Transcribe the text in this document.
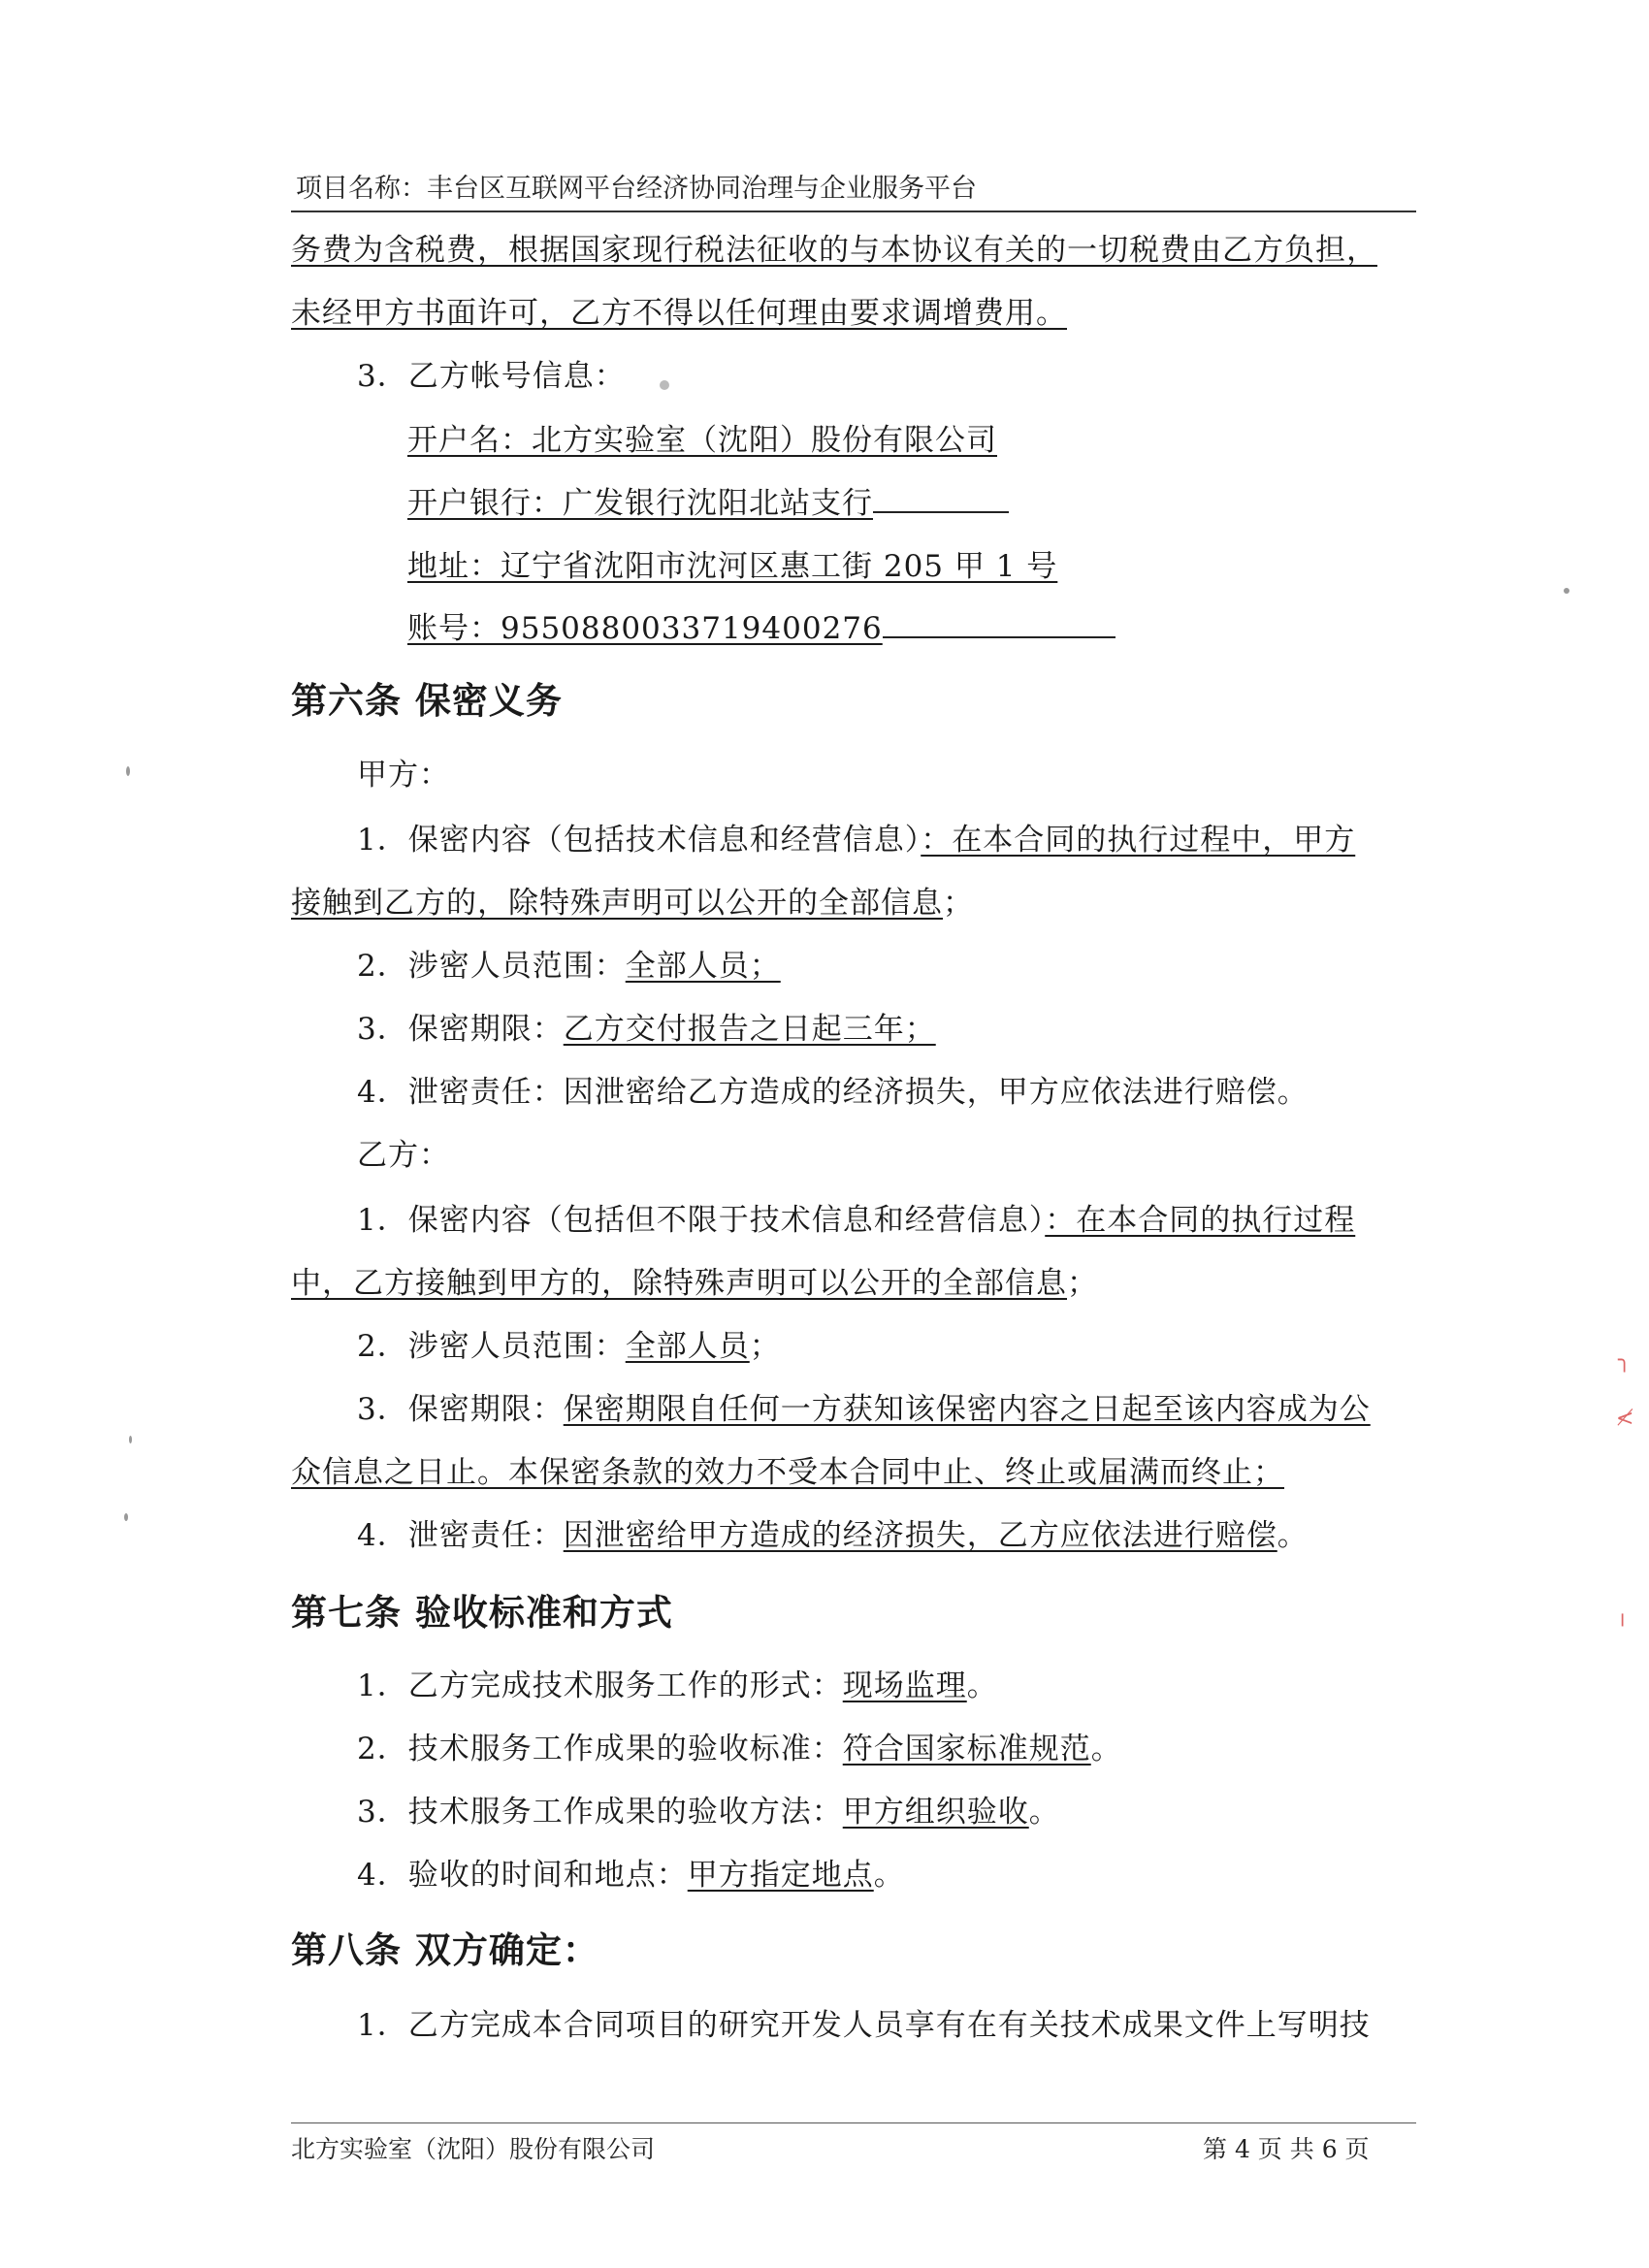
项目名称：丰台区互联网平台经济协同治理与企业服务平台
务费为含税费，根据国家现行税法征收的与本协议有关的一切税费由乙方负担，
未经甲方书面许可，乙方不得以任何理由要求调增费用。
3．乙方帐号信息：
开户名：北方实验室（沈阳）股份有限公司
开户银行：广发银行沈阳北站支行
地址：辽宁省沈阳市沈河区惠工街 205 甲 1 号
账号：9550880033719400276
第六条 保密义务
甲方：
1．保密内容（包括技术信息和经营信息）：在本合同的执行过程中，甲方
接触到乙方的，除特殊声明可以公开的全部信息；
2．涉密人员范围：全部人员；
3．保密期限：乙方交付报告之日起三年；
4．泄密责任：因泄密给乙方造成的经济损失，甲方应依法进行赔偿。
乙方：
1．保密内容（包括但不限于技术信息和经营信息）：在本合同的执行过程
中，乙方接触到甲方的，除特殊声明可以公开的全部信息；
2．涉密人员范围：全部人员；
3．保密期限：保密期限自任何一方获知该保密内容之日起至该内容成为公
众信息之日止。本保密条款的效力不受本合同中止、终止或届满而终止；
4．泄密责任：因泄密给甲方造成的经济损失，乙方应依法进行赔偿。
第七条 验收标准和方式
1．乙方完成技术服务工作的形式：现场监理。
2．技术服务工作成果的验收标准：符合国家标准规范。
3．技术服务工作成果的验收方法：甲方组织验收。
4．验收的时间和地点：甲方指定地点。
第八条 双方确定：
1．乙方完成本合同项目的研究开发人员享有在有关技术成果文件上写明技
北方实验室（沈阳）股份有限公司	第 4 页 共 6 页
╮
≮
╵
